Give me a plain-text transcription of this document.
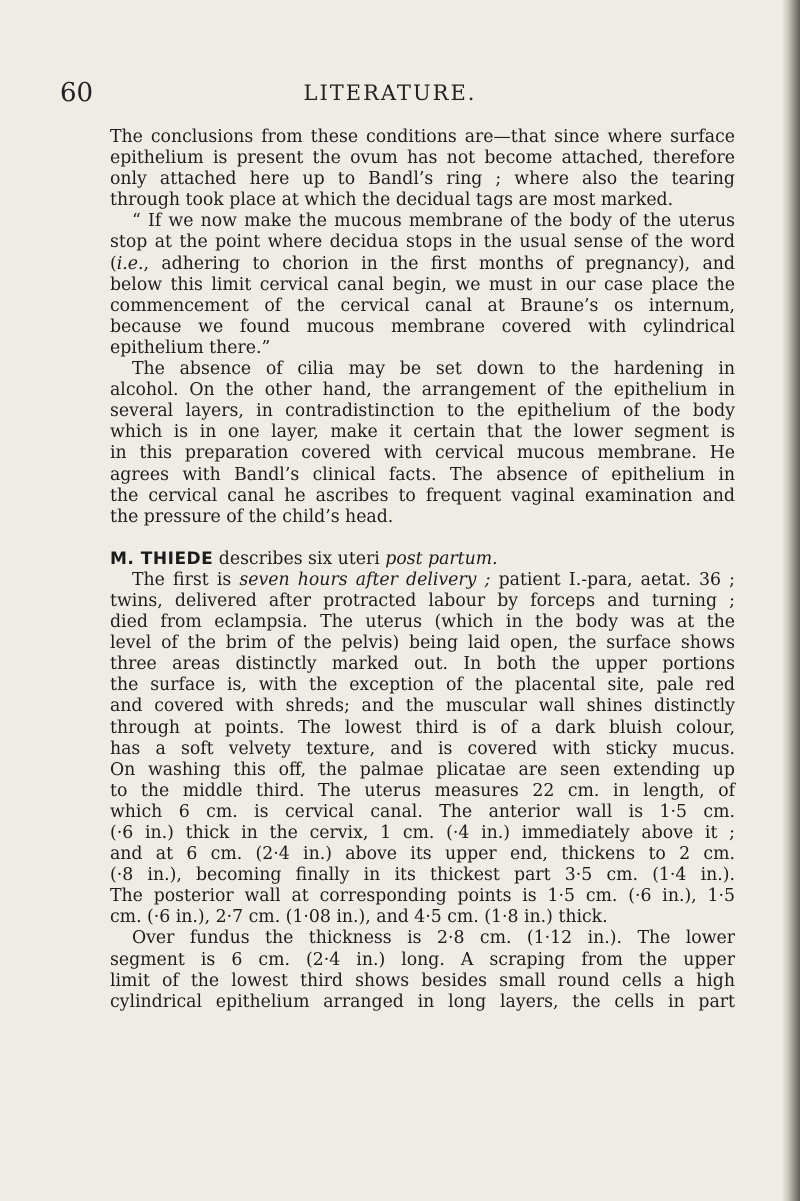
60	LITERATURE.
The conclusions from these conditions are—that since where surface
epithelium is present the ovum has not become attached, therefore
only attached here up to Bandl’s ring ; where also the tearing
through took place at which the decidual tags are most marked.
“ If we now make the mucous membrane of the body of the uterus
stop at the point where decidua stops in the usual sense of the word
(i.e., adhering to chorion in the first months of pregnancy), and
below this limit cervical canal begin, we must in our case place the
commencement of the cervical canal at Braune’s os internum,
because we found mucous membrane covered with cylindrical
epithelium there.”
The absence of cilia may be set down to the hardening in
alcohol. On the other hand, the arrangement of the epithelium in
several layers, in contradistinction to the epithelium of the body
which is in one layer, make it certain that the lower segment is
in this preparation covered with cervical mucous membrane. He
agrees with Bandl’s clinical facts. The absence of epithelium in
the cervical canal he ascribes to frequent vaginal examination and
the pressure of the child’s head.
M. THIEDE describes six uteri post partum.
The first is seven hours after delivery ; patient I.-para, aetat. 36 ;
twins, delivered after protracted labour by forceps and turning ;
died from eclampsia. The uterus (which in the body was at the
level of the brim of the pelvis) being laid open, the surface shows
three areas distinctly marked out. In both the upper portions
the surface is, with the exception of the placental site, pale red
and covered with shreds; and the muscular wall shines distinctly
through at points. The lowest third is of a dark bluish colour,
has a soft velvety texture, and is covered with sticky mucus.
On washing this off, the palmae plicatae are seen extending up
to the middle third. The uterus measures 22 cm. in length, of
which 6 cm. is cervical canal. The anterior wall is 1·5 cm.
(·6 in.) thick in the cervix, 1 cm. (·4 in.) immediately above it ;
and at 6 cm. (2·4 in.) above its upper end, thickens to 2 cm.
(·8 in.), becoming finally in its thickest part 3·5 cm. (1·4 in.).
The posterior wall at corresponding points is 1·5 cm. (·6 in.), 1·5
cm. (·6 in.), 2·7 cm. (1·08 in.), and 4·5 cm. (1·8 in.) thick.
Over fundus the thickness is 2·8 cm. (1·12 in.). The lower
segment is 6 cm. (2·4 in.) long. A scraping from the upper
limit of the lowest third shows besides small round cells a high
cylindrical epithelium arranged in long layers, the cells in part
